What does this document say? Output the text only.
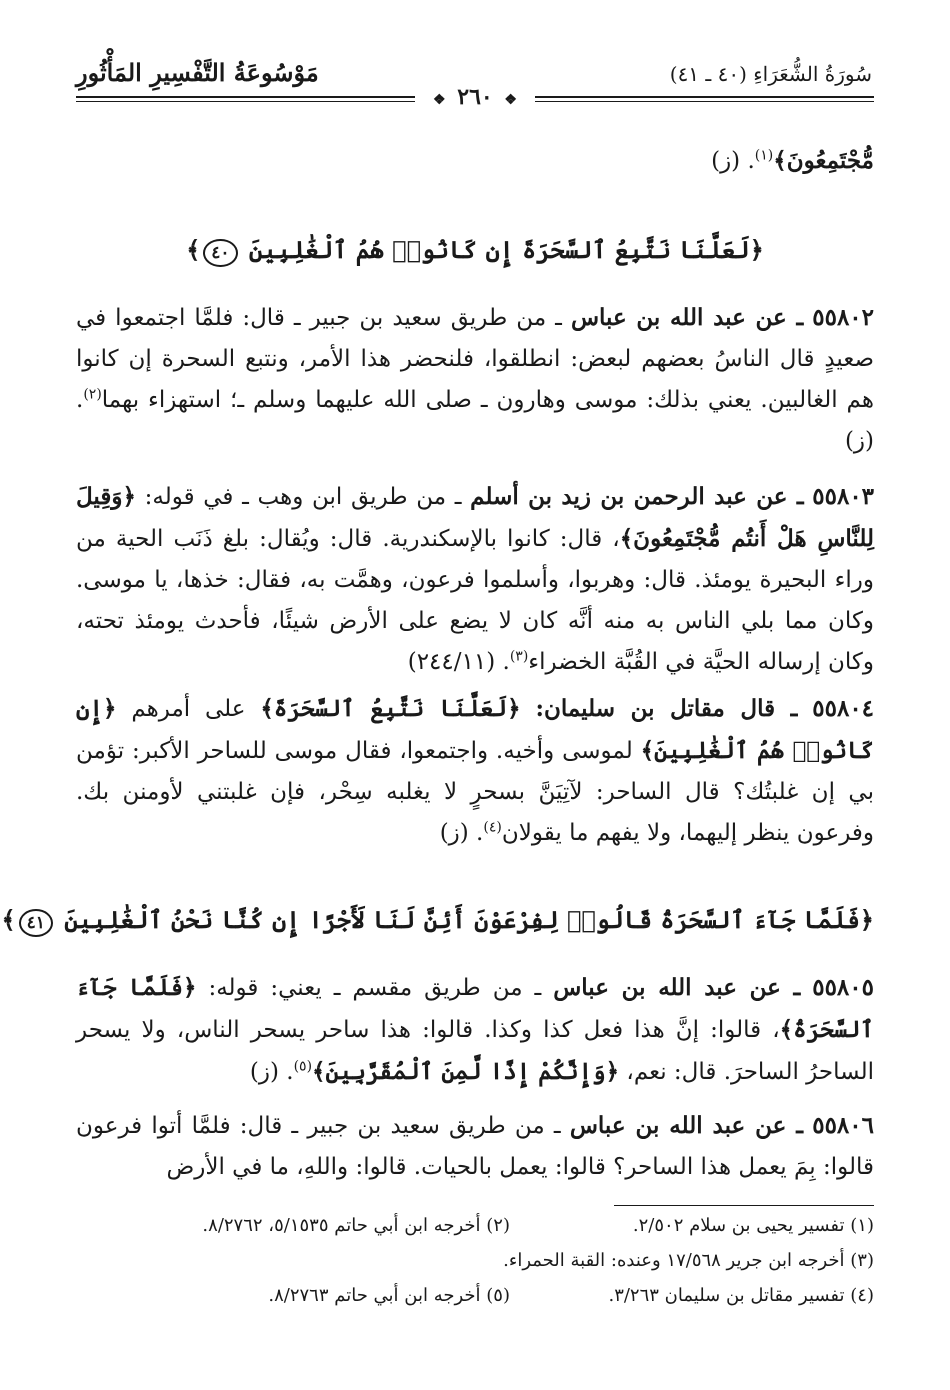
سُورَةُ الشُّعَرَاءِ (٤٠ ـ ٤١)
مَوْسُوعَةُ التَّفْسِيرِ المَأْثُورِ
❖ ٢٦٠ ❖

مُّجْتَمِعُونَ﴾$^{(١)}$. (ز)

﴿لَعَلَّنَا نَتَّبِعُ ٱلسَّحَرَةَ إِن كَانُوا۟ هُمُ ٱلْغَٰلِبِينَ ٤٠﴾

٥٥٨٠٢ ـ عن عبد الله بن عباس ـ من طريق سعيد بن جبير ـ قال: فلمَّا اجتمعوا في صعيدٍ قال الناسُ بعضهم لبعض: انطلقوا، فلنحضر هذا الأمر، ونتبع السحرة إن كانوا هم الغالبين. يعني بذلك: موسى وهارون ـ صلى الله عليهما وسلم ـ؛ استهزاء بهما$^{(٢)}$. (ز)

٥٥٨٠٣ ـ عن عبد الرحمن بن زيد بن أسلم ـ من طريق ابن وهب ـ في قوله: ﴿وَقِيلَ لِلنَّاسِ هَلْ أَنتُم مُّجْتَمِعُونَ﴾، قال: كانوا بالإسكندرية. قال: ويُقال: بلغ ذَنَب الحية من وراء البحيرة يومئذ. قال: وهربوا، وأسلموا فرعون، وهمَّت به، فقال: خذها، يا موسى. وكان مما بلي الناس به منه أنَّه كان لا يضع على الأرض شيئًا، فأحدث يومئذ تحته، وكان إرساله الحيَّة في القُبَّة الخضراء$^{(٣)}$. (٢٤٤/١١)

٥٥٨٠٤ ـ قال مقاتل بن سليمان: ﴿لَعَلَّنَا نَتَّبِعُ ٱلسَّحَرَةَ﴾ على أمرهم ﴿إِن كَانُوا۟ هُمُ ٱلْغَٰلِبِينَ﴾ لموسى وأخيه. واجتمعوا، فقال موسى للساحر الأكبر: تؤمن بي إن غلبتُك؟ قال الساحر: لآتِيَنَّ بسحرٍ لا يغلبه سِحْر، فإن غلبتني لأومنن بك. وفرعون ينظر إليهما، ولا يفهم ما يقولان$^{(٤)}$. (ز)

﴿فَلَمَّا جَآءَ ٱلسَّحَرَةُ قَالُوا۟ لِفِرْعَوْنَ أَئِنَّ لَنَا لَأَجْرًا إِن كُنَّا نَحْنُ ٱلْغَٰلِبِينَ ٤١﴾

٥٥٨٠٥ ـ عن عبد الله بن عباس ـ من طريق مقسم ـ يعني: قوله: ﴿فَلَمَّا جَآءَ ٱلسَّحَرَةُ﴾، قالوا: إنَّ هذا فعل كذا وكذا. قالوا: هذا ساحر يسحر الناس، ولا يسحر الساحرُ الساحرَ. قال: نعم، ﴿وَإِنَّكُمْ إِذًا لَّمِنَ ٱلْمُقَرَّبِينَ﴾$^{(٥)}$. (ز)

٥٥٨٠٦ ـ عن عبد الله بن عباس ـ من طريق سعيد بن جبير ـ قال: فلمَّا أتوا فرعون قالوا: بِمَ يعمل هذا الساحر؟ قالوا: يعمل بالحيات. قالوا: واللهِ، ما في الأرض

(١) تفسير يحيى بن سلام ٢/٥٠٢.

(٢) أخرجه ابن أبي حاتم ٥/١٥٣٥، ٨/٢٧٦٢.

(٣) أخرجه ابن جرير ١٧/٥٦٨ وعنده: القبة الحمراء.

(٤) تفسير مقاتل بن سليمان ٣/٢٦٣.

(٥) أخرجه ابن أبي حاتم ٨/٢٧٦٣.
